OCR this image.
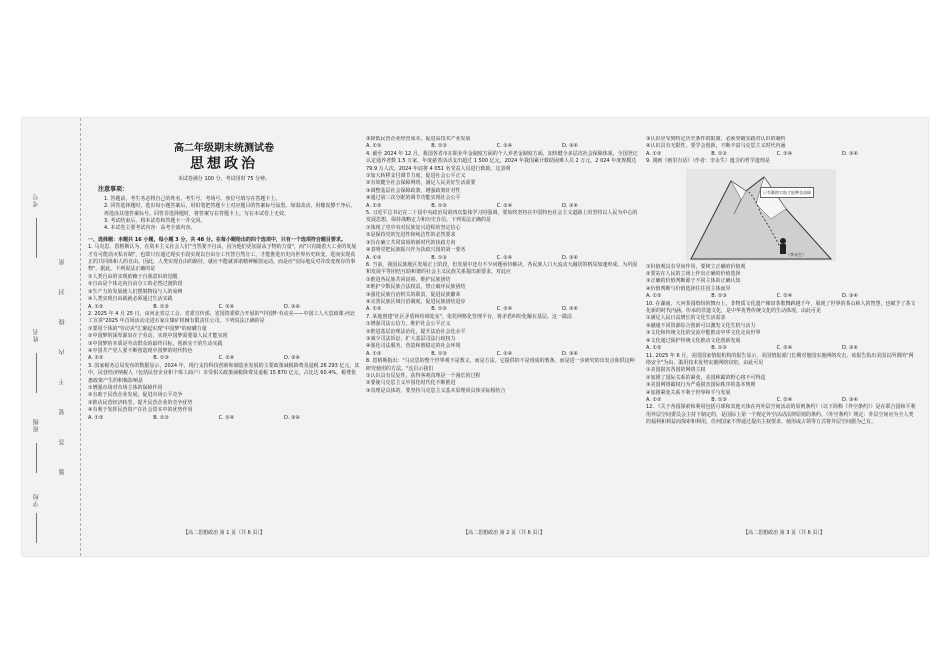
考号
姓名
班级
学校
密
封
线
内
不
要
答
题

高二年级期末统测试卷

思想政治

本试卷满分 100 分，考试用时 75 分钟。

注意事项：

1. 答题前，考生务必将自己的姓名、考生号、考场号、座位号填写在答题卡上。

2. 回答选择题时，选出每小题答案后，用铅笔把答题卡上对应题目的答案标号涂黑。如需改动，用橡皮擦干净后，再选涂其他答案标号。回答非选择题时，将答案写在答题卡上。写在本试卷上无效。

3. 考试结束后，将本试卷和答题卡一并交回。

4. 本试卷主要考试内容：高考全部内容。

一、选择题：本题共 16 小题，每小题 3 分，共 48 分。在每小题给出的四个选项中，只有一个选项符合题目要求。

1. 马克思、恩格斯认为，在资本主义社会人们"当然要不自由，因为他们更加屈从于物的力量"，而"只有随着大工业的发展才有可能消灭私有制"，也即只有通过现实手段实现以自由分工代替自然分工，才能推进历史向世界历史转变，进而实现真正的共同体和人的自由。因此，人类实现自由的路径，就应不能就诉诸精神解放运动，而是应"实际地反对并改变现存的事物"。据此，下列说法正确的是

①人类自由的实现依赖于自我意识的觉醒

②自由是个体走向自由分工的必然过渡阶段

③生产力的发展使人们摆脱物役与人的束缚

④人类实现自由就就必须通过生活实践

A. ①②	B. ①③	C. ②④	D. ③④

2. 2025 年 4 月 25 日，由河北省总工会、省委宣传部、省国资委联合开展的"中国梦·劳动美——中国工人大思政课·河北工宣讲"2025 年首场活动走进石家庄煤矿机械有限责任公司。下列说法正确的是

①要用个体的"劳动美"汇聚起实现"中国梦"的磅礴力量

②中国梦的深厚源泉在于劳动，实现中国梦需要靠人民才能实现

③中国梦的本质是劳动群众的最终目标，创新实干的生动实践

④中国共产党人要不断创造现中国梦的时代特色

A. ①②	B. ①③	C. ②④	D. ③④

3. 国家税务总局发布的数据显示，2024 年，现行支持科技创新和制造业发展的主要政策减税降费及退税 26 293 亿元，其中，民营经济纳税人（包括民营企业和个体工商户）享受相关政策减税降费及退税 15 870 亿元，占比达 60.4%。税费优惠政策产生的积极影响是

①增强市场对市场主体的保障作用

②有助于民营企业发展，促进市场公平竞争

③推动民营经济转型，提升民营企业的竞争优势

④有利于发挥民营资产在社会资本中的优势作用

A. ①②	B. ①③	C. ②④	D. ③④

③降低民营企业经营成本，促进高技术产业发展

A. ①②	B. ①③	C. ②④	D. ③④

4. 截至 2024 年 12 月，我国各省市在职业年金制度方面的个人养老金制度方面，加快健全多层次社会保障体系，全国登记认定通养老数 1.5 万家，年度慈善活动支出超过 1 500 亿元。2024 年我国累计救助困难人员 2 万元，2 024 年度规模达 79.9 万人次。2024 年底将 4 051 名受益人员进行救助。这表明

①加大转移支付调节力度，促进社会公平正义

②有效健全社会保障网络，满足人民美好生活需要

③调整基层社会保障政策，增强政策针对性

④通过第三次分配的调节功能实现社会公平

A. ①②	B. ①③	C. ②④	D. ③④

5. 习近平总书记在二十届中央政治局第四次集体学习时强调，要始终坚持在中国特色社会主义道路上的坚持以人民为中心的发展思想，保持战略定力和历史自信。下列说法正确的是

①体现了党中央对民族复兴进程的坚定信心

②是保持党的先进性和纯洁性的必然要求

③旨在确立共同富裕的新时代的执政方向

④表明党把民族振兴作为执政兴国的第一要务

A. ①②	B. ①③	C. ②④	D. ③④

6. 当前，我国民族地区发展正上阶段，但发展中还有不少问题亟待解决，各民族人口大流动大融居的格局加速形成，为巩固和发展平等团结互助和谐的社会主义民族关系提出新要求。对此应

①推进各民族共同富裕，维护民族团结

②维护少数民族合法权益，禁止破坏民族团结

③强化民族自治机关的职责，促进民族繁荣

④完善民族区域自治制度，促进民族团结进步

A. ①②	B. ①③	C. ②④	D. ③④

7. 某地创建"社区矛盾纠纷调处室"，依托网格化管理平台，将矛盾纠纷化解在基层。这一做法

①增强司法公信力，维护社会公平正义

②推进基层治理法治化，提升法治社会化水平

③减少司法诉讼，扩大基层司法行政权力

④强化司法服务，营造和谐稳定的社会环境

A. ①②	B. ①③	C. ②④	D. ③④

8. 恩格斯指出："马克思的整个世界观不是教义，而是方法。它提供的不是现成的教条，而是进一步研究的出发点和供这种研究使用的方法。"这启示我们

①认识具有反复性，获得客观真理是一个漫长的过程

②要使马克思主义中国化时代化不断推进

③真理是具体的，要坚持马克思主义基本原理同具体实际相结合

③认识应受到特定历史条件的限制，必须突破实践对认识的制约

④认识具有无限性，要学会创新，不断丰富马克思主义时代内涵

A. ①②	B. ①③	C. ②④	D. ③④

9. 漫画《画里有话》（作者：李永生）蕴含的哲学道理是

只有脚踏实地才能攀登高峰
（李永生）

①价值观具有导向作用，要树立正确的价值观

②要站在人民的立场上作出正确的价值选择

③正确的价值判断源于不同主体的正确认知

④价值判断与价值选择往往因主体而异

A. ①②	B. ①③	C. ②④	D. ③④

10. 在湖南，大河茶园缤纷的舞台上，非物质文化遗产梯田茶歌舞跨越千年，展现了世界的茶山和人的智慧，也赋予了茶文化新的时代内涵。传承的非遗文化，是中华优秀传统文化的生动体现。由此可见

①满足人民日益增长的文化生活需求

②融通不同资源综合创新可以激发文化生机与活力

③文化和传统文化的交流中能推动中华文化走向世界

④文化通过保护传统文化推动文化创新发展

A. ①②	B. ①③	C. ②④	D. ③④

11. 2025 年 6 月，美国国家情报机构的报告显示，美国情报部门长期对他国实施网络攻击。该报告指出美国以所谓的"网络安全"为由，滥用技术优势实施网络窃密。由此可见

①美国损害各国的网络主权

②加剧了国际关系的紧张，美国称霸的野心将不可得逞

③美国网络霸权行为严重损害国际秩序的基本规则

④加剧紧张关系不利于世界和平与发展

A. ①②	B. ①③	C. ②④	D. ③④

12. 《关于各国探索和利用包括月球和其他天体在内外层空间活动的原则条约》（以下简称《外空条约》）是在联合国和平利用外层空间委员会主持下制定的，是国际上第一个规定外空活动法律原则的条约。《外空条约》规定：外层空间应为全人类的福利和利益而探索和利用，任何国家不得通过提出主权要求、使用或占领等方式将外层空间据为己有。

【高二思想政治 第 1 页（共 6 页）】	【高二思想政治 第 2 页（共 6 页）】	【高二思想政治 第 3 页（共 6 页）】
